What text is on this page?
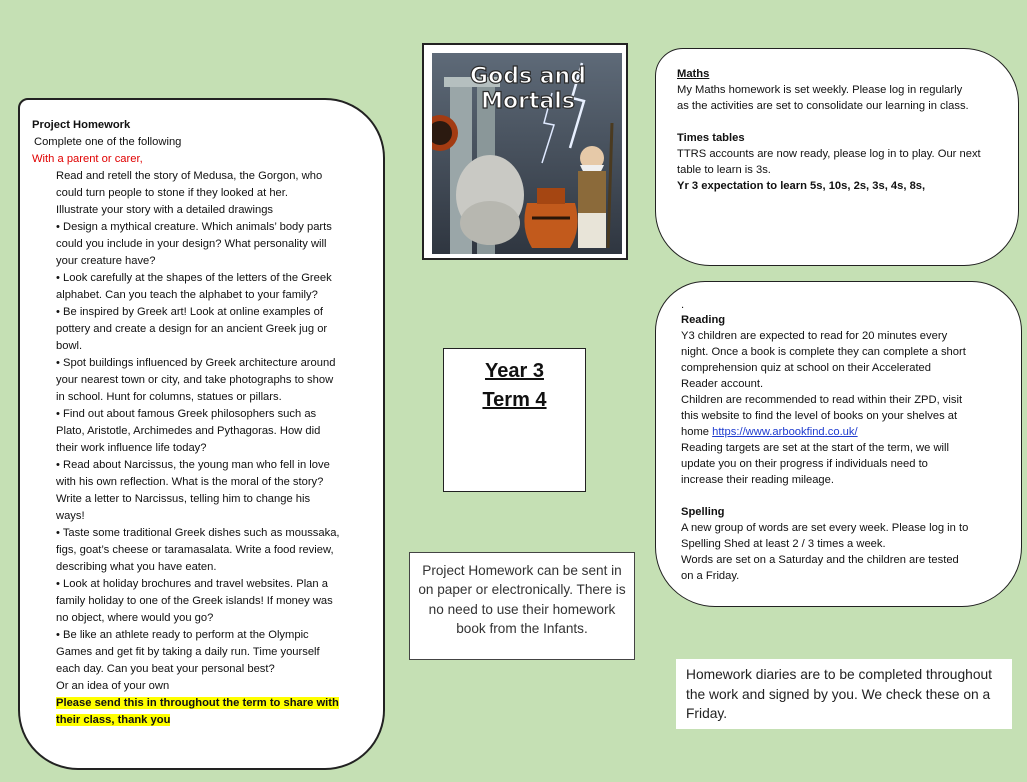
Project Homework
Complete one of the following
With a parent or carer,
Read and retell the story of Medusa, the Gorgon, who
could turn people to stone if they looked at her.
Illustrate your story with a detailed drawings
• Design a mythical creature. Which animals’ body parts
could you include in your design? What personality will
your creature have?
• Look carefully at the shapes of the letters of the Greek
alphabet. Can you teach the alphabet to your family?
• Be inspired by Greek art! Look at online examples of
pottery and create a design for an ancient Greek jug or
bowl.
• Spot buildings influenced by Greek architecture around
your nearest town or city, and take photographs to show
in school. Hunt for columns, statues or pillars.
• Find out about famous Greek philosophers such as
Plato, Aristotle, Archimedes and Pythagoras. How did
their work influence life today?
• Read about Narcissus, the young man who fell in love
with his own reflection. What is the moral of the story?
Write a letter to Narcissus, telling him to change his
ways!
• Taste some traditional Greek dishes such as moussaka,
figs, goat’s cheese or taramasalata. Write a food review,
describing what you have eaten.
• Look at holiday brochures and travel websites. Plan a
family holiday to one of the Greek islands! If money was
no object, where would you go?
• Be like an athlete ready to perform at the Olympic
Games and get fit by taking a daily run. Time yourself
each day. Can you beat your personal best?
Or an idea of your own
Please send this in throughout the term to share with
their class, thank you
Gods and
Mortals
Year 3
Term 4
Project Homework can be sent in on paper or electronically. There is no need to use their homework book from the Infants.
Maths
My Maths homework is set weekly. Please log in regularly
as the activities are set to consolidate our learning in class.
Times tables
TTRS accounts are now ready, please log in to play. Our next
table to learn is 3s.
Yr 3 expectation to learn 5s, 10s, 2s, 3s, 4s, 8s,
.
Reading
Y3 children are expected to read for 20 minutes every
night. Once a book is complete they can complete a short
comprehension quiz at school on their Accelerated
Reader account.
Children are recommended to read within their ZPD, visit
this website to find the level of books on your shelves at
home https://www.arbookfind.co.uk/
Reading targets are set at the start of the term, we will
update you on their progress if individuals need to
increase their reading mileage.
Spelling
A new group of words are set every week. Please log in to
Spelling Shed at least 2 / 3 times a week.
Words are set on a Saturday and the children are tested
on a Friday.
Homework diaries are to be completed throughout the work and signed by you. We check these on a Friday.
